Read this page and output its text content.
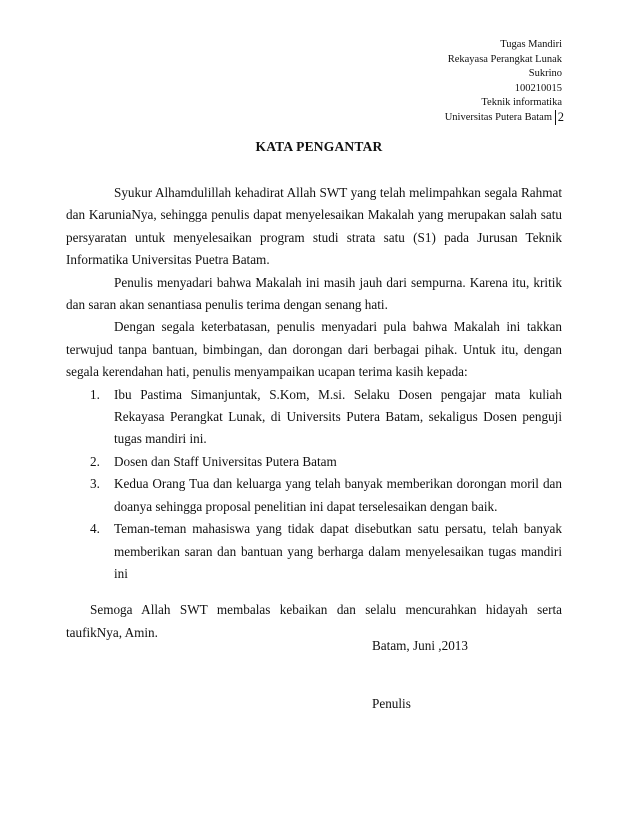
Tugas Mandiri
Rekayasa Perangkat Lunak
Sukrino
100210015
Teknik informatika
Universitas Putera Batam 2
KATA PENGANTAR

Syukur Alhamdulillah kehadirat Allah SWT yang telah melimpahkan segala Rahmat dan KaruniaNya, sehingga penulis dapat menyelesaikan Makalah yang merupakan salah satu persyaratan untuk menyelesaikan program studi strata satu (S1) pada Jurusan Teknik Informatika Universitas Puetra Batam.

Penulis menyadari bahwa Makalah ini masih jauh dari sempurna. Karena itu, kritik dan saran akan senantiasa penulis terima dengan senang hati.

Dengan segala keterbatasan, penulis menyadari pula bahwa Makalah ini takkan terwujud tanpa bantuan, bimbingan, dan dorongan dari berbagai pihak. Untuk itu, dengan segala kerendahan hati, penulis menyampaikan ucapan terima kasih kepada:

1.	Ibu Pastima Simanjuntak, S.Kom, M.si. Selaku Dosen pengajar mata kuliah Rekayasa Perangkat Lunak, di Universits Putera Batam, sekaligus Dosen penguji tugas mandiri ini.
2.	Dosen dan Staff Universitas Putera Batam
3.	Kedua Orang Tua dan keluarga yang telah banyak memberikan dorongan moril dan doanya sehingga proposal penelitian ini dapat terselesaikan dengan baik.
4.	Teman-teman mahasiswa yang tidak dapat disebutkan satu persatu, telah banyak memberikan saran dan bantuan yang berharga dalam menyelesaikan tugas mandiri ini

Semoga Allah SWT membalas kebaikan dan selalu mencurahkan hidayah serta taufikNya, Amin.

Batam, Juni ,2013
Penulis
